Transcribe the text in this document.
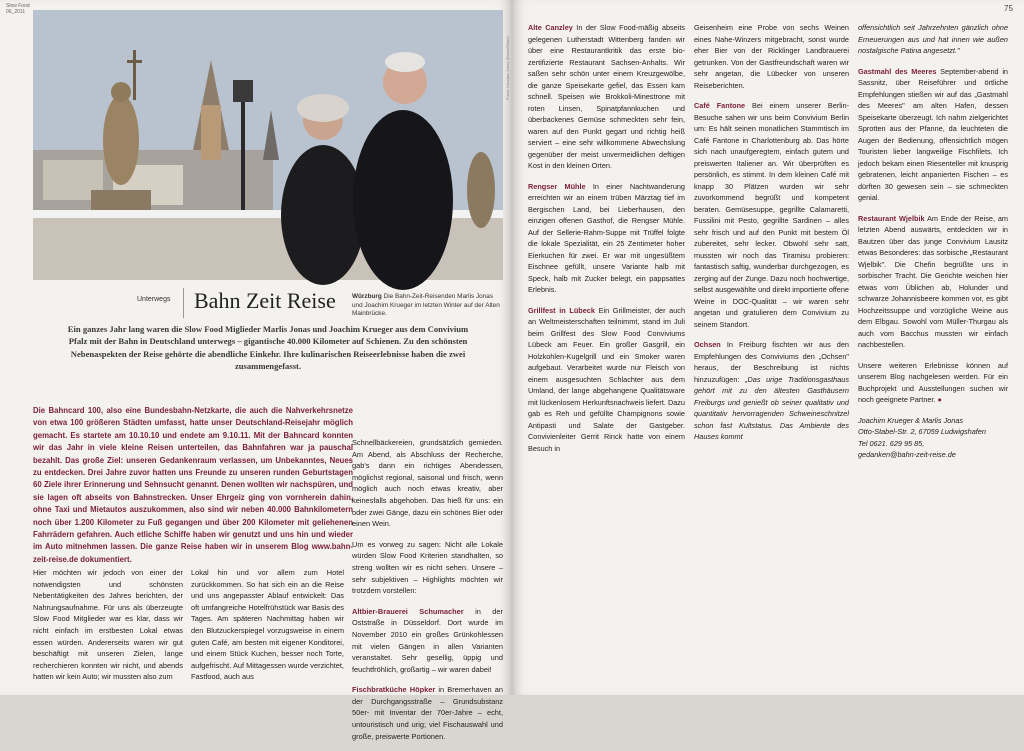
Slow Food
06_2011
Fotos: Krueger-Jonas (Reise/Bilder)
Unterwegs Bahn Zeit Reise	Würzburg Die Bahn-Zeit-Reisenden Marlis Jonas und Joachim Krueger im letzten Winter auf der Alten Mainbrücke.
Ein ganzes Jahr lang waren die Slow Food Miglieder Marlis Jonas und Joachim Krueger aus dem Convivium Pfalz mit der Bahn in Deutschland unterwegs – gigantische 40.000 Kilometer auf Schienen. Zu den schönsten Nebenaspekten der Reise gehörte die abendliche Einkehr. Ihre kulinarischen Reiseerlebnisse haben die zwei zusammengefasst.
Die Bahncard 100, also eine Bundesbahn-Netzkarte, die auch die Nahverkehrsnetze von etwa 100 größeren Städten umfasst, hatte unser Deutschland-Reisejahr möglich gemacht. Es startete am 10.10.10 und endete am 9.10.11. Mit der Bahncard konnten wir das Jahr in viele kleine Reisen unterteilen, das Bahnfahren war ja pauschal bezahlt. Das große Ziel: unseren Gedankenraum verlassen, um Unbekanntes, Neues zu entdecken. Drei Jahre zuvor hatten uns Freunde zu unseren runden Geburtstagen 60 Ziele ihrer Erinnerung und Sehnsucht genannt. Denen wollten wir nachspüren, und sie lagen oft abseits von Bahnstrecken. Unser Ehrgeiz ging von vornherein dahin, ohne Taxi und Mietautos auszukommen, also sind wir neben 40.000 Bahnkilometern noch über 1.200 Kilometer zu Fuß gegangen und über 200 Kilometer mit geliehenen Fahrrädern gefahren. Auch etliche Schiffe haben wir genutzt und uns hin und wieder im Auto mitnehmen lassen. Die ganze Reise haben wir in unserem Blog www.bahn-zeit-reise.de dokumentiert.

Hier möchten wir jedoch von einer der notwendigsten und schönsten Nebentätigkeiten des Jahres berichten, der Nahrungsaufnahme. Für uns als überzeugte Slow Food Mitglieder war es klar, dass wir nicht einfach im erstbesten Lokal etwas essen würden. Andererseits waren wir gut beschäftigt mit unseren Zielen, lange recherchieren konnten wir nicht, und abends hatten wir kein Auto; wir mussten also zum

Lokal hin und vor allem zum Hotel zurückkommen. So hat sich ein an die Reise und uns angepasster Ablauf entwickelt: Das oft umfangreiche Hotelfrühstück war Basis des Tages. Am späteren Nachmittag haben wir den Blutzuckerspiegel vorzugsweise in einem guten Café, am besten mit eigener Konditorei, und einem Stück Kuchen, besser noch Torte, aufgefrischt. Auf Mittagessen wurde verzichtet, Fastfood, auch aus

Schnellbäckereien, grundsätzlich gemieden. Am Abend, als Abschluss der Recherche, gab's dann ein richtiges Abendessen, möglichst regional, saisonal und frisch, wenn möglich auch noch etwas kreativ, aber keinesfalls abgehoben. Das hieß für uns: ein oder zwei Gänge, dazu ein schönes Bier oder einen Wein.

Um es vorweg zu sagen: Nicht alle Lokale würden Slow Food Kriterien standhalten, so streng wollten wir es nicht sehen. Unsere – sehr subjektiven – Highlights möchten wir trotzdem vorstellen:

Altbier-Brauerei Schumacher in der Oststraße in Düsseldorf. Dort wurde im November 2010 ein großes Grünkohlessen mit vielen Gängen in allen Varianten veranstaltet. Sehr gesellig, üppig und feuchtfröhlich, großartig – wir waren dabei!

Fischbratküche Höpker in Bremerhaven an der Durchgangsstraße – Grundsubstanz 50er- mit Inventar der 70er-Jahre – echt, untouristisch und urig; viel Fischauswahl und große, preiswerte Portionen.

75

Alte Canzley In der Slow Food-mäßig abseits gelegenen Lutherstadt Wittenberg fanden wir über eine Restaurantkritik das erste bio-zertifizierte Restaurant Sachsen-Anhalts. Wir saßen sehr schön unter einem Kreuzgewölbe, die ganze Speisekarte gefiel, das Essen kam schnell. Speisen wie Brokkoli-Minestrone mit roten Linsen, Spinatpfannkuchen und überbackenes Gemüse schmeckten sehr fein, waren auf den Punkt gegart und richtig heiß serviert – eine sehr willkommene Abwechslung gegenüber der meist unvermeidlichen deftigen Kost in den kleinen Orten.

Rengser Mühle In einer Nachtwanderung erreichten wir an einem trüben Märztag tief im Bergischen Land, bei Lieberhausen, den einzigen offenen Gasthof, die Rengser Mühle. Auf der Sellerie-Rahm-Suppe mit Trüffel folgte die lokale Spezialität, ein 25 Zentimeter hoher Eierkuchen für zwei. Er war mit ungesüßtem Eischnee gefüllt, unsere Variante halb mit Speck, halb mit Zucker belegt, ein pappsattes Erlebnis.

Grillfest in Lübeck Ein Grillmeister, der auch an Weltmeisterschaften teilnimmt, stand im Juli beim Grillfest des Slow Food Conviviums Lübeck am Feuer. Ein großer Gasgrill, ein Holzkohlen-Kugelgrill und ein Smoker waren aufgebaut. Verarbeitet wurde nur Fleisch von einem ausgesuchten Schlachter aus dem Umland, der lange abgehangene Qualitätsware mit lückenlosem Herkunftsnachweis liefert. Dazu gab es Reh und gefüllte Champignons sowie Antipasti und Salate der Gastgeber. Convivienleiter Gerrit Rinck hatte von einem Besuch in

Geisenheim eine Probe von sechs Weinen eines Nahe-Winzers mitgebracht, sonst wurde eher Bier von der Ricklinger Landbrauerei getrunken. Von der Gastfreundschaft waren wir sehr angetan, die Lübecker von unseren Reiseberichten.

Café Fantone Bei einem unserer Berlin-Besuche sahen wir uns beim Convivium Berlin um: Es hält seinen monatlichen Stammtisch im Café Fantone in Charlottenburg ab. Das hörte sich nach unaufgeregtem, einfach gutem und preiswerten Italiener an. Wir überprüften es persönlich, es stimmt. In dem kleinen Café mit knapp 30 Plätzen wurden wir sehr zuvorkommend begrüßt und kompetent beraten. Gemüsesuppe, gegrillte Calamaretti, Fussilini mit Pesto, gegrillte Sardinen – alles sehr frisch und auf den Punkt mit bestem Öl zubereitet, sehr lecker. Obwohl sehr satt, mussten wir noch das Tiramisu probieren: fantastisch saftig, wunderbar durchgezogen, es zerging auf der Zunge. Dazu noch hochwertige, selbst ausgewählte und direkt importierte offene Weine in DOC-Qualität – wir waren sehr angetan und gratulieren dem Convivium zu seinem Standort.

Ochsen In Freiburg fischten wir aus den Empfehlungen des Conviviums den „Ochsen" heraus, der Beschreibung ist nichts hinzuzufügen: „Das urige Traditionsgasthaus gehört mit zu den ältesten Gasthäusern Freiburgs und genießt ob seiner qualitativ und quantitativ hervorragenden Schweineschnitzel schon fast Kultstatus. Das Ambiente des Hauses kommt

offensichtlich seit Jahrzehnten gänzlich ohne Erneuerungen aus und hat innen wie außen nostalgische Patina angesetzt."

Gastmahl des Meeres September-abend in Sassnitz, über Reiseführer und örtliche Empfehlungen stießen wir auf das „Gastmahl des Meeres" am alten Hafen, dessen Speisekarte überzeugt. Ich nahm zielgerichtet Sprotten aus der Pfanne, da leuchteten die Augen der Bedienung, offensichtlich mögen Touristen lieber langweilige Fischfilets. Ich jedoch bekam einen Riesenteller mit knusprig gebratenen, leicht anpanierten Fischen – es dürften 30 gewesen sein – sie schmeckten genial.

Restaurant Wjelbik Am Ende der Reise, am letzten Abend auswärts, entdeckten wir in Bautzen über das junge Convivium Lausitz etwas Besonderes: das sorbische „Restaurant Wjelbik". Die Chefin begrüßte uns in sorbischer Tracht. Die Gerichte weichen hier etwas vom Üblichen ab, Holunder und schwarze Johannisbeere kommen vor, es gibt Hochzeitssuppe und vorzügliche Weine aus dem Elbgau. Sowohl vom Müller-Thurgau als auch vom Bacchus mussten wir einfach nachbestellen.

Unsere weiteren Erlebnisse können auf unserem Blog nachgelesen werden. Für ein Buchprojekt und Ausstellungen suchen wir noch geeignete Partner. ●

Joachim Krueger & Marlis Jonas
Otto-Stabel-Str. 2, 67059 Ludwigshafen
Tel 0621. 629 95 85,
gedanken@bahn-zeit-reise.de
